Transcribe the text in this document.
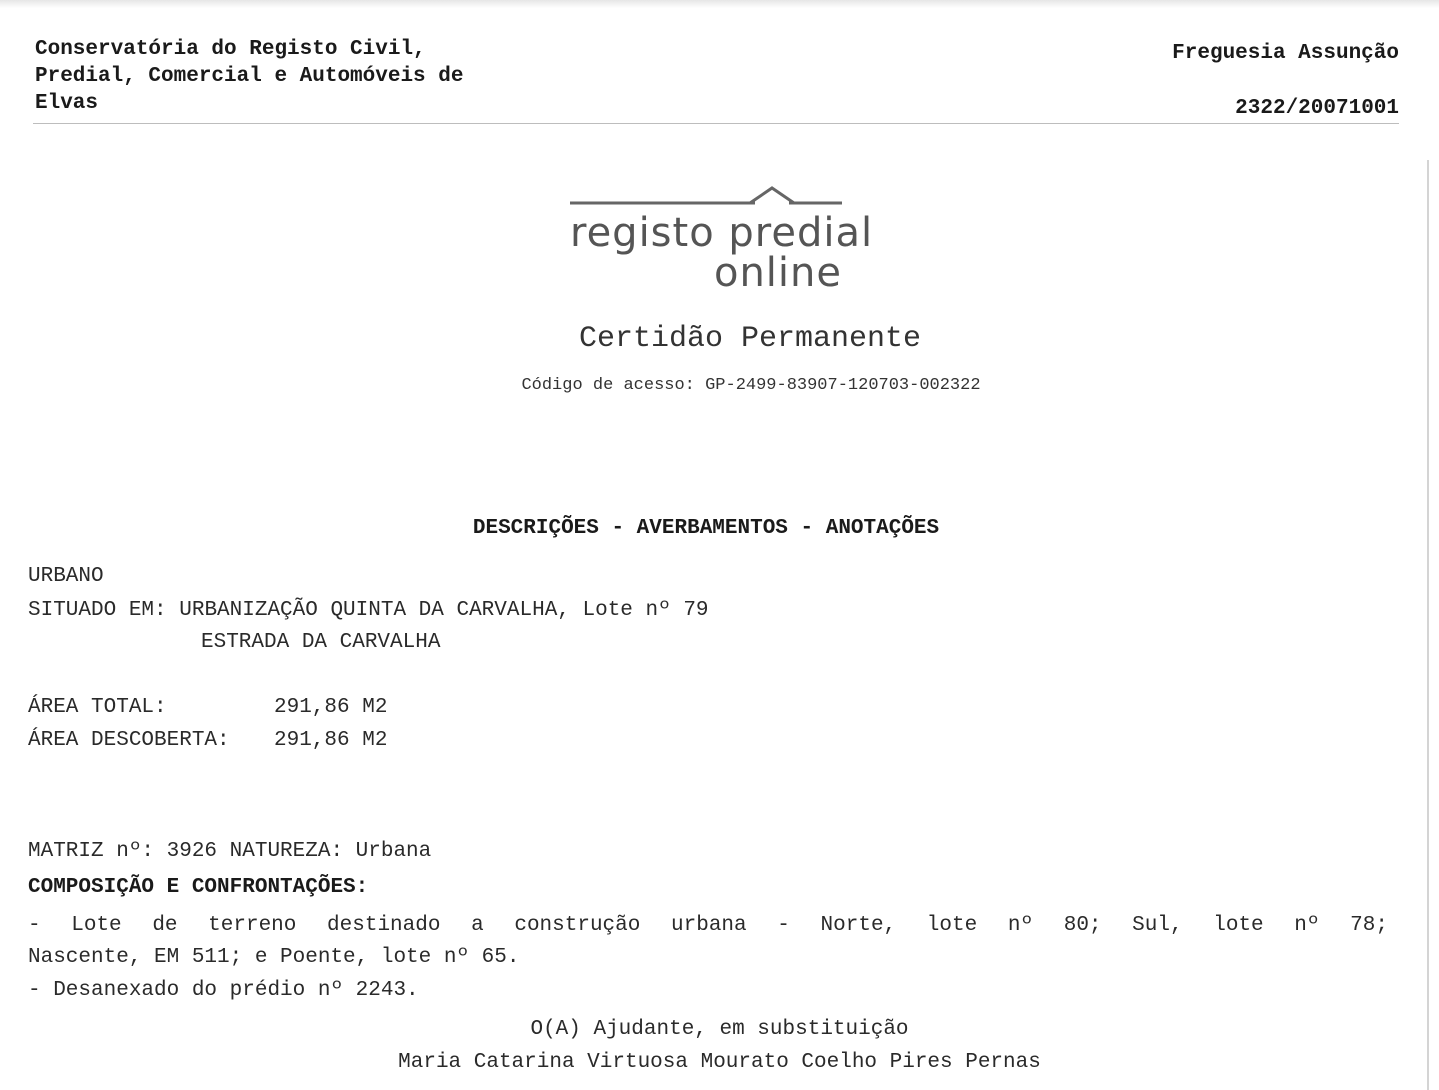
Conservatória do Registo Civil,
Predial, Comercial e Automóveis de
Elvas
Freguesia Assunção
2322/20071001
registo predial
online
Certidão Permanente
Código de acesso: GP-2499-83907-120703-002322
DESCRIÇÕES - AVERBAMENTOS - ANOTAÇÕES
URBANO
SITUADO EM: URBANIZAÇÃO QUINTA DA CARVALHA, Lote nº 79
ESTRADA DA CARVALHA
ÁREA TOTAL:	291,86 M2
ÁREA DESCOBERTA: 291,86 M2
MATRIZ nº: 3926 NATUREZA: Urbana
COMPOSIÇÃO E CONFRONTAÇÕES:
- Lote de terreno destinado a construção urbana - Norte, lote nº 80; Sul, lote nº 78;
Nascente, EM 511; e Poente, lote nº 65.
- Desanexado do prédio nº 2243.
O(A) Ajudante, em substituição
Maria Catarina Virtuosa Mourato Coelho Pires Pernas
